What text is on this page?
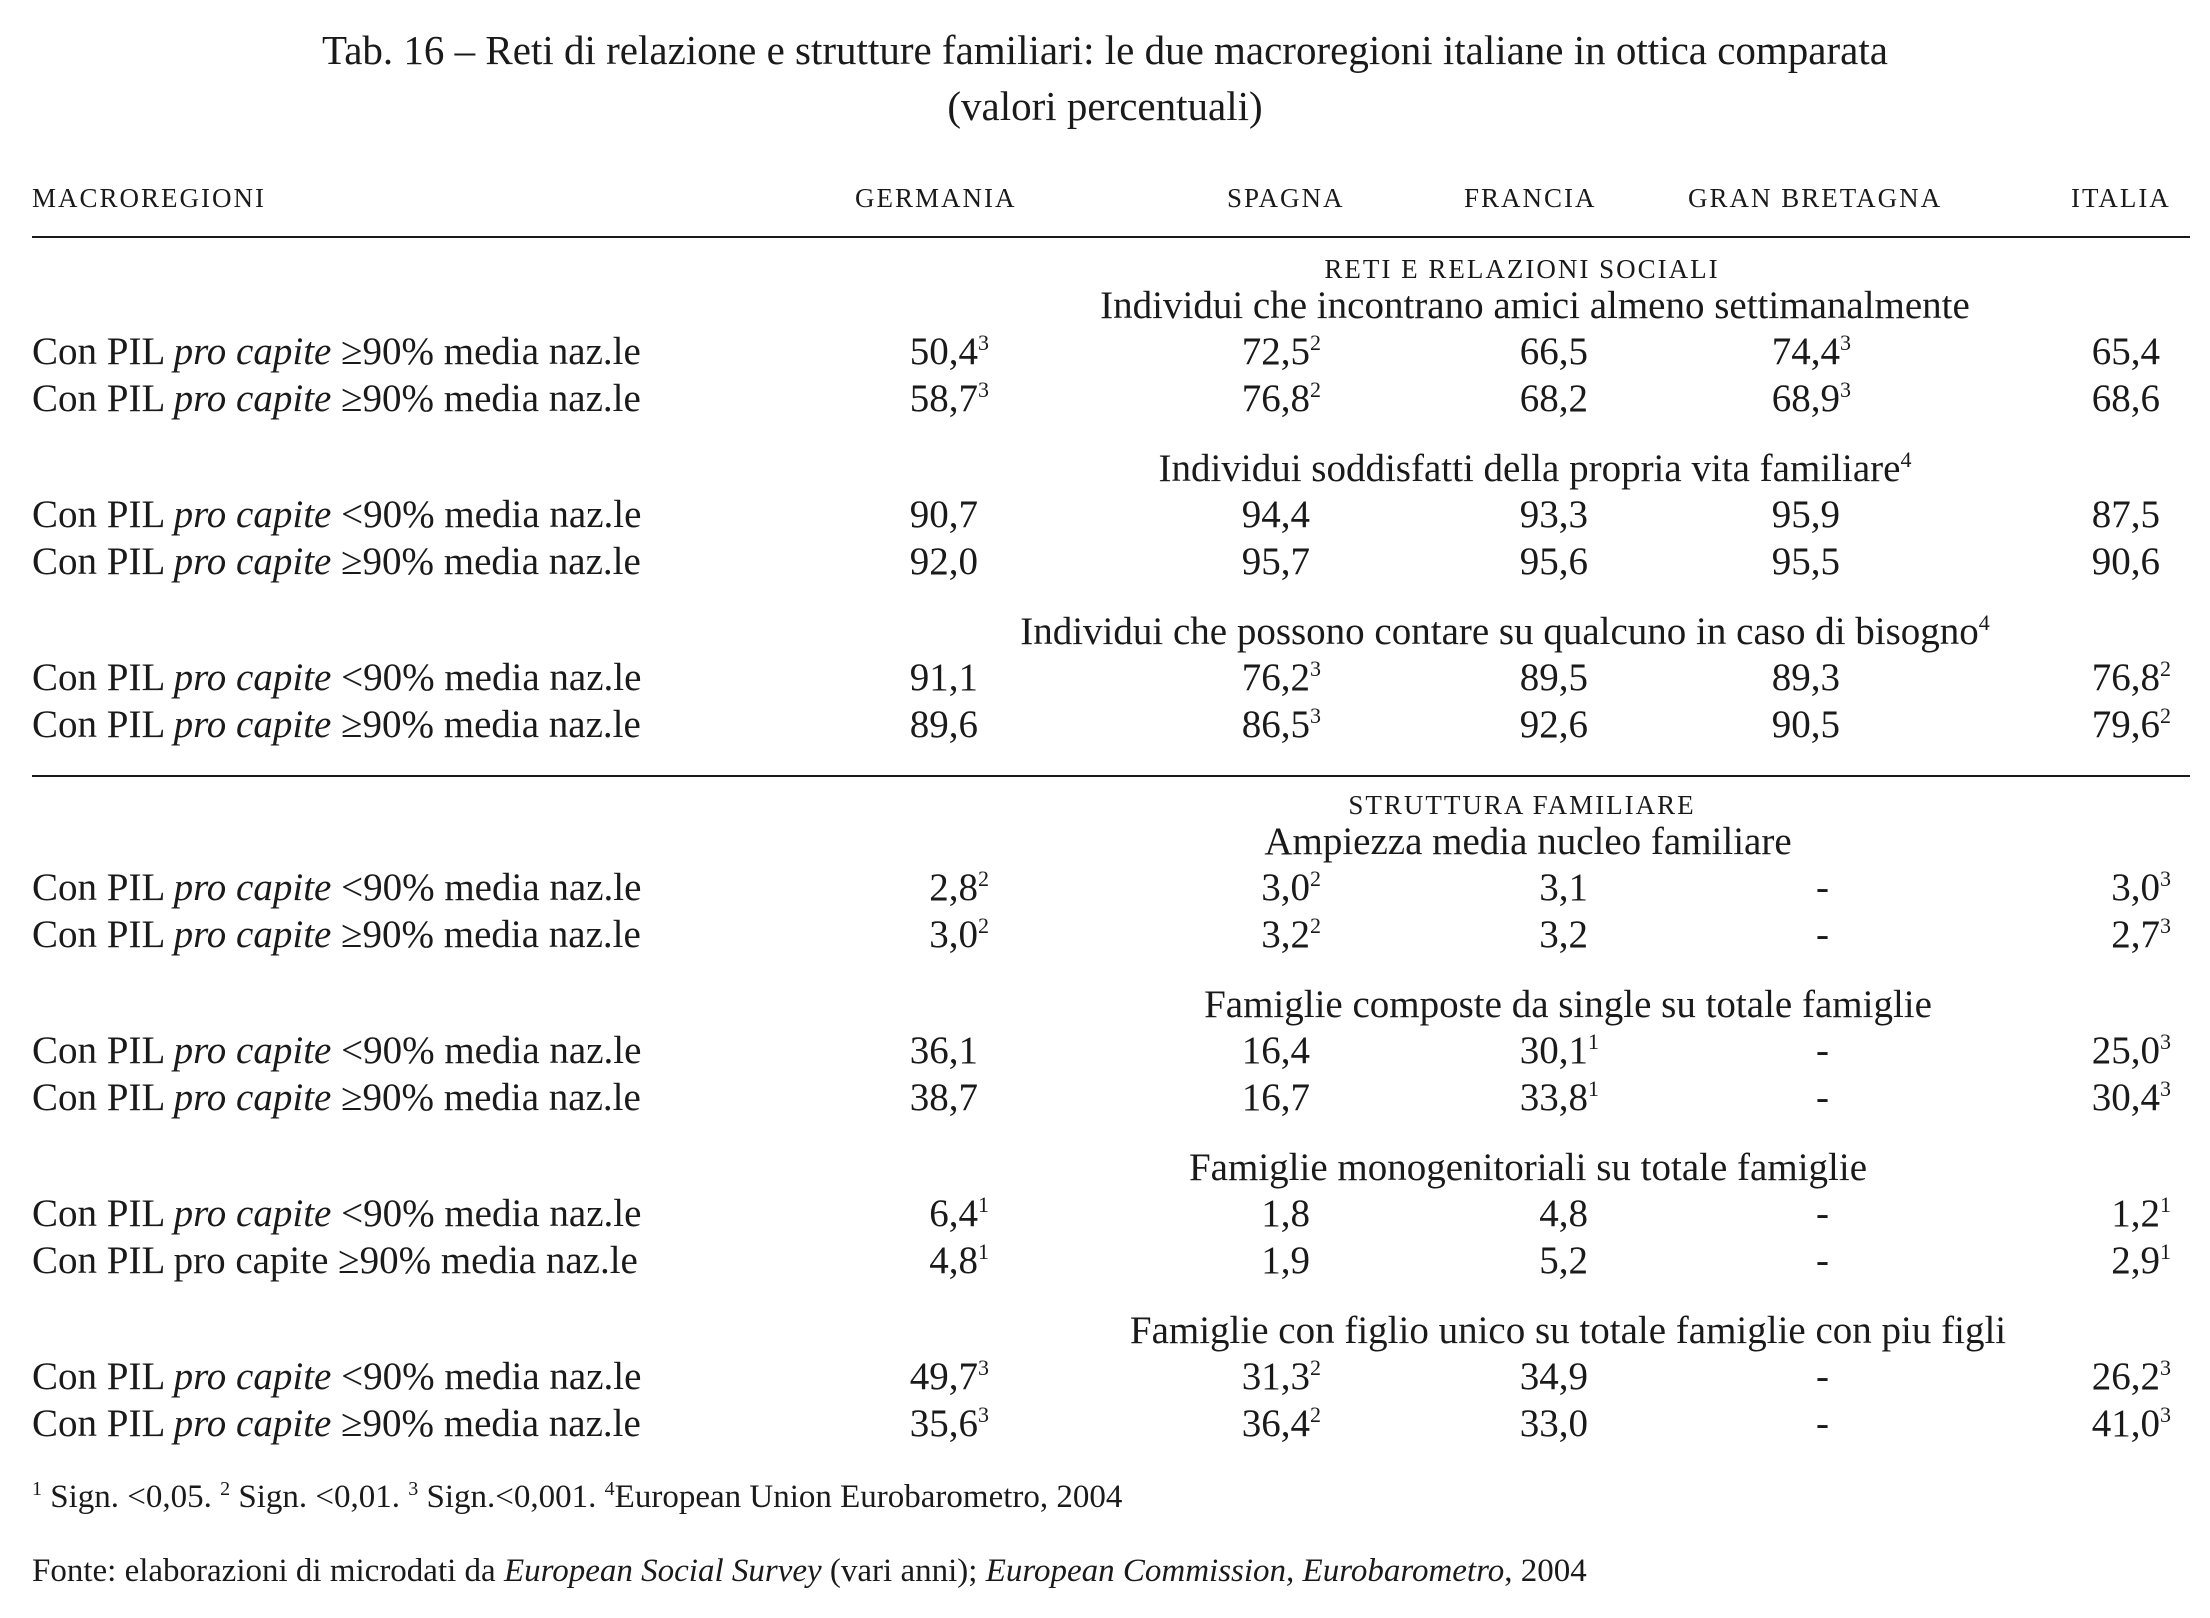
Tab. 16 – Reti di relazione e strutture familiari: le due macroregioni italiane in ottica comparata
(valori percentuali)
MACROREGIONI	GERMANIA	SPAGNA	FRANCIA	GRAN BRETAGNA	ITALIA
RETI E RELAZIONI SOCIALI
Individui che incontrano amici almeno settimanalmente
Con PIL pro capite ≥90% media naz.le	50,4$^3$	72,5$^2$	66,5	74,4$^3$	65,4
Con PIL pro capite ≥90% media naz.le	58,7$^3$	76,8$^2$	68,2	68,9$^3$	68,6
Individui soddisfatti della propria vita familiare$^4$
Con PIL pro capite <90% media naz.le	90,7	94,4	93,3	95,9	87,5
Con PIL pro capite ≥90% media naz.le	92,0	95,7	95,6	95,5	90,6
Individui che possono contare su qualcuno in caso di bisogno$^4$
Con PIL pro capite <90% media naz.le	91,1	76,2$^3$	89,5	89,3	76,8$^2$
Con PIL pro capite ≥90% media naz.le	89,6	86,5$^3$	92,6	90,5	79,6$^2$
STRUTTURA FAMILIARE
Ampiezza media nucleo familiare
Con PIL pro capite <90% media naz.le	$2,8^2$	$3,0^2$	3,1	-	$3,0^3$
Con PIL pro capite ≥90% media naz.le	$3,0^2$	$3,2^2$	3,2	-	$2,7^3$
Famiglie composte da single su totale famiglie
Con PIL pro capite <90% media naz.le	36,1	16,4	30,1$^1$	-	25,0$^3$
Con PIL pro capite ≥90% media naz.le	38,7	16,7	33,8$^1$	-	30,4$^3$
Famiglie monogenitoriali su totale famiglie
Con PIL pro capite <90% media naz.le	$6,4^1$	1,8	4,8	-	$1,2^1$
Con PIL pro capite ≥90% media naz.le	$4,8^1$	1,9	5,2	-	$2,9^1$
Famiglie con figlio unico su totale famiglie con piu figli
Con PIL pro capite <90% media naz.le	49,7$^3$	31,3$^2$	34,9	-	26,2$^3$
Con PIL pro capite ≥90% media naz.le	35,6$^3$	36,4$^2$	33,0	-	41,0$^3$
$^1$ Sign. <0,05. $^2$ Sign. <0,01. $^3$ Sign.<0,001. $^4$European Union Eurobarometro, 2004
Fonte: elaborazioni di microdati da European Social Survey (vari anni); European Commission, Eurobarometro, 2004
